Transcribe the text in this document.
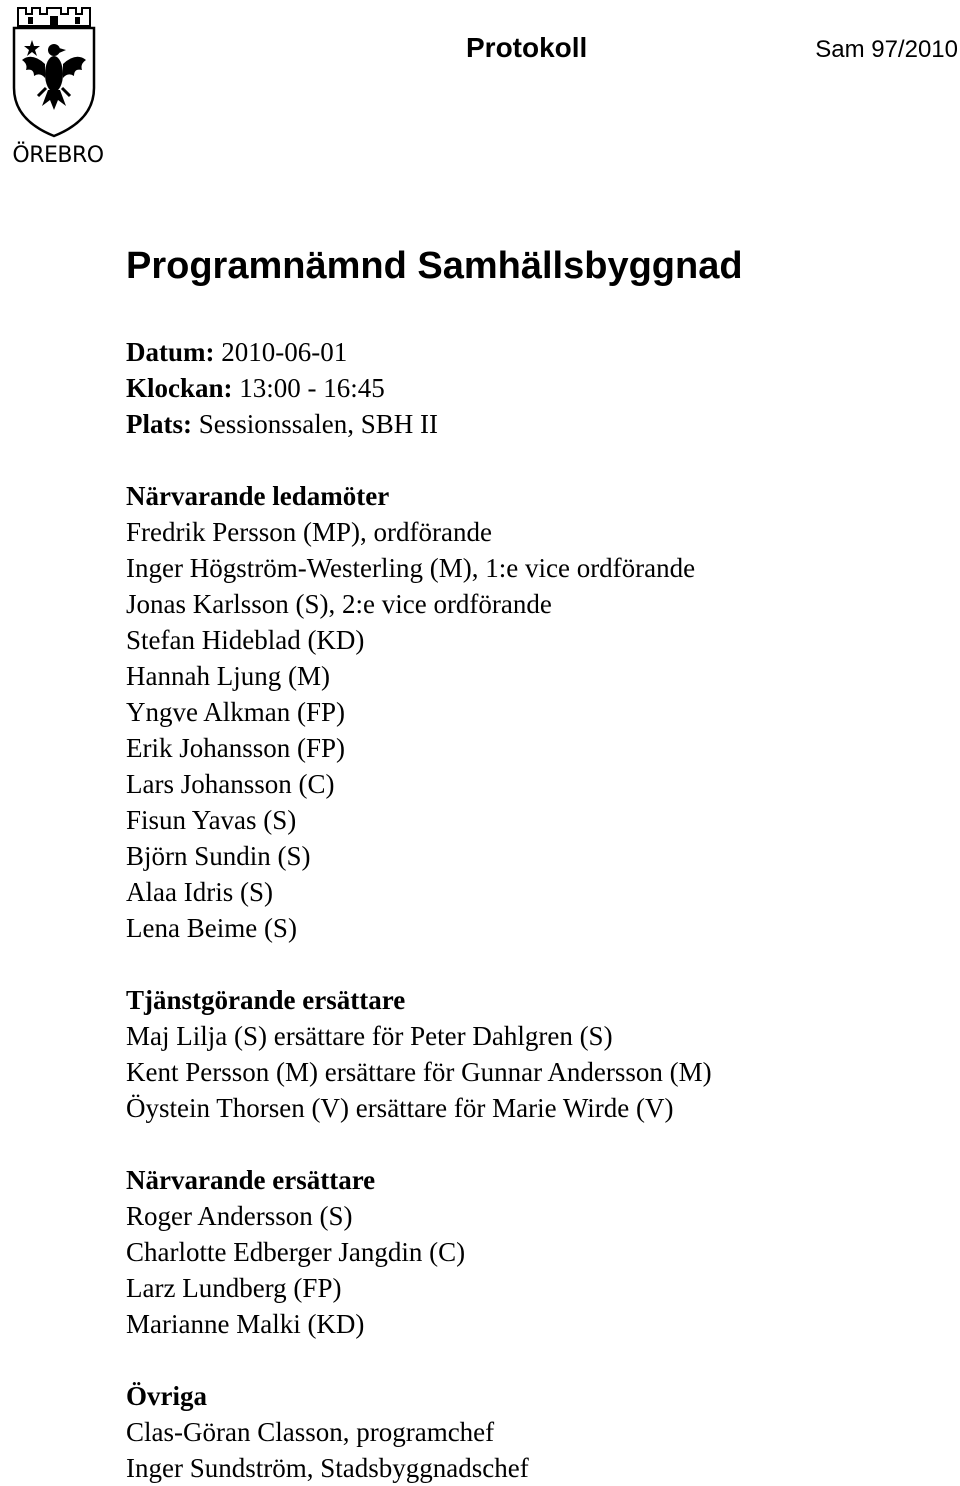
ÖREBRO
Protokoll	Sam 97/2010
Programnämnd Samhällsbyggnad
Datum: 2010-06-01
Klockan: 13:00 - 16:45
Plats: Sessionssalen, SBH II
Närvarande ledamöter
Fredrik Persson (MP), ordförande
Inger Högström-Westerling (M), 1:e vice ordförande
Jonas Karlsson (S), 2:e vice ordförande
Stefan Hideblad (KD)
Hannah Ljung (M)
Yngve Alkman (FP)
Erik Johansson (FP)
Lars Johansson (C)
Fisun Yavas (S)
Björn Sundin (S)
Alaa Idris (S)
Lena Beime (S)
Tjänstgörande ersättare
Maj Lilja (S) ersättare för Peter Dahlgren (S)
Kent Persson (M) ersättare för Gunnar Andersson (M)
Öystein Thorsen (V) ersättare för Marie Wirde (V)
Närvarande ersättare
Roger Andersson (S)
Charlotte Edberger Jangdin (C)
Larz Lundberg (FP)
Marianne Malki (KD)
Övriga
Clas-Göran Classon, programchef
Inger Sundström, Stadsbyggnadschef
